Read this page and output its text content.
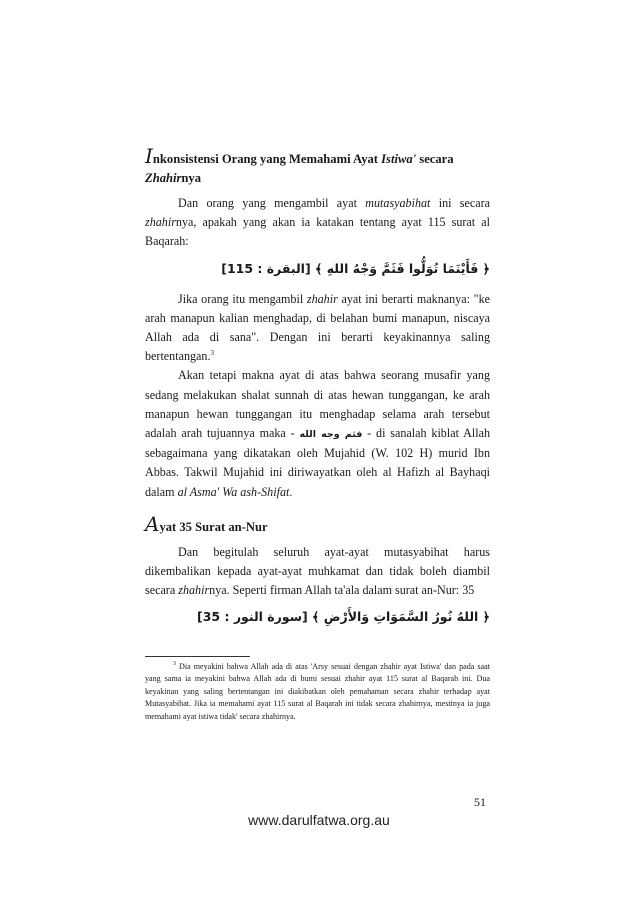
Inkonsistensi Orang yang Memahami Ayat Istiwa' secara
Zhahirnya

Dan orang yang mengambil ayat mutasyabihat ini secara zhahirnya, apakah yang akan ia katakan tentang ayat 115 surat al Baqarah:

﴿ فَأَيْنَمَا تُوَلُّوا فَثَمَّ وَجْهُ اللهِ ﴾ [البقرة : 115]

Jika orang itu mengambil zhahir ayat ini berarti maknanya: "ke arah manapun kalian menghadap, di belahan bumi manapun, niscaya Allah ada di sana". Dengan ini berarti keyakinannya saling bertentangan.$^3$

Akan tetapi makna ayat di atas bahwa seorang musafir yang sedang melakukan shalat sunnah di atas hewan tunggangan, ke arah manapun hewan tunggangan itu menghadap selama arah tersebut adalah arah tujuannya maka - فثم وجه الله - di sanalah kiblat Allah sebagaimana yang dikatakan oleh Mujahid (W. 102 H) murid Ibn Abbas. Takwil Mujahid ini diriwayatkan oleh al Hafizh al Bayhaqi dalam al Asma' Wa ash-Shifat.

Ayat 35 Surat an-Nur

Dan begitulah seluruh ayat-ayat mutasyabihat harus dikembalikan kepada ayat-ayat muhkamat dan tidak boleh diambil secara zhahirnya. Seperti firman Allah ta'ala dalam surat an-Nur: 35

﴿ اللهُ نُورُ السَّمَوَاتِ وَالأَرْضِ ﴾ [سورة النور : 35]
$^3$ Dia meyakini bahwa Allah ada di atas 'Arsy sesuai dengan zhahir ayat Istiwa' dan pada saat yang sama ia meyakini bahwa Allah ada di bumi sesuai zhahir ayat 115 surat al Baqarah ini. Dua keyakinan yang saling bertentangan ini diakibatkan oleh pemahaman secara zhahir terhadap ayat Mutasyabihat. Jika ia memahami ayat 115 surat al Baqarah ini tidak secara zhahirnya, mestinya ia juga memahami ayat istiwa tidak' secara zhahirnya.
51
www.darulfatwa.org.au
